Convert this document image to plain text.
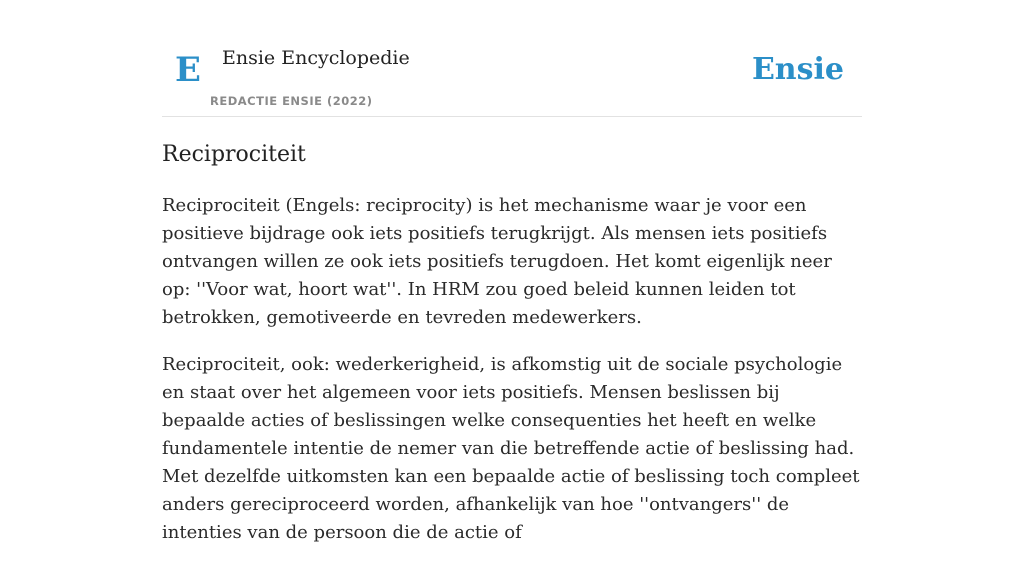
E Ensie Encyclopedie
REDACTIE ENSIE (2022)
Ensie
Reciprociteit

Reciprociteit (Engels: reciprocity) is het mechanisme waar je voor een positieve bijdrage ook iets positiefs terugkrijgt. Als mensen iets positiefs ontvangen willen ze ook iets positiefs terugdoen. Het komt eigenlijk neer op: ''Voor wat, hoort wat''. In HRM zou goed beleid kunnen leiden tot betrokken, gemotiveerde en tevreden medewerkers.

Reciprociteit, ook: wederkerigheid, is afkomstig uit de sociale psychologie en staat over het algemeen voor iets positiefs. Mensen beslissen bij bepaalde acties of beslissingen welke consequenties het heeft en welke fundamentele intentie de nemer van die betreffende actie of beslissing had. Met dezelfde uitkomsten kan een bepaalde actie of beslissing toch compleet anders gereciproceerd worden, afhankelijk van hoe ''ontvangers'' de intenties van de persoon die de actie of
